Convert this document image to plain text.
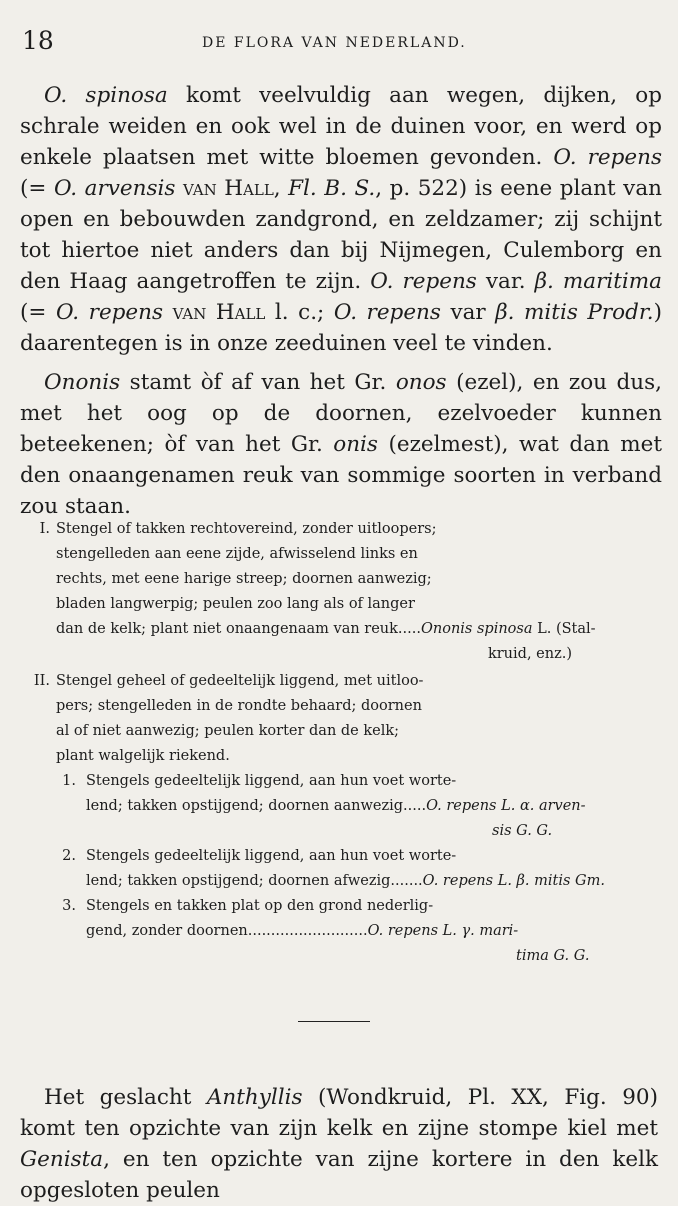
18	DE FLORA VAN NEDERLAND.

O. spinosa komt veelvuldig aan wegen, dijken, op schrale weiden en ook wel in de duinen voor, en werd op enkele plaatsen met witte bloemen gevonden. O. repens (= O. arvensis van Hall, Fl. B. S., p. 522) is eene plant van open en bebouwden zandgrond, en zeldzamer; zij schijnt tot hiertoe niet anders dan bij Nijmegen, Culemborg en den Haag aangetroffen te zijn. O. repens var. β. maritima (= O. repens van Hall l. c.; O. repens var β. mitis Prodr.) daarentegen is in onze zeeduinen veel te vinden.

Ononis stamt òf af van het Gr. onos (ezel), en zou dus, met het oog op de doornen, ezelvoeder kunnen beteekenen; òf van het Gr. onis (ezelmest), wat dan met den onaangenamen reuk van sommige soorten in verband zou staan.

I. Stengel of takken rechtovereind, zonder uitloopers;
stengelleden aan eene zijde, afwisselend links en
rechts, met eene harige streep; doornen aanwezig;
bladen langwerpig; peulen zoo lang als of langer
dan de kelk; plant niet onaangenaam van reuk.....Ononis spinosa L. (Stal-
kruid, enz.)
II. Stengel geheel of gedeeltelijk liggend, met uitloo-
pers; stengelleden in de rondte behaard; doornen
al of niet aanwezig; peulen korter dan de kelk;
plant walgelijk riekend.
1. Stengels gedeeltelijk liggend, aan hun voet worte-
lend; takken opstijgend; doornen aanwezig.....O. repens L. α. arven-
sis G. G.
2. Stengels gedeeltelijk liggend, aan hun voet worte-
lend; takken opstijgend; doornen afwezig.......O. repens L. β. mitis Gm.
3. Stengels en takken plat op den grond nederlig-
gend, zonder doornen..........................O. repens L. γ. mari-
tima G. G.

Het geslacht Anthyllis (Wondkruid, Pl. XX, Fig. 90) komt ten opzichte van zijn kelk en zijne stompe kiel met Genista, en ten opzichte van zijne kortere in den kelk opgesloten peulen
